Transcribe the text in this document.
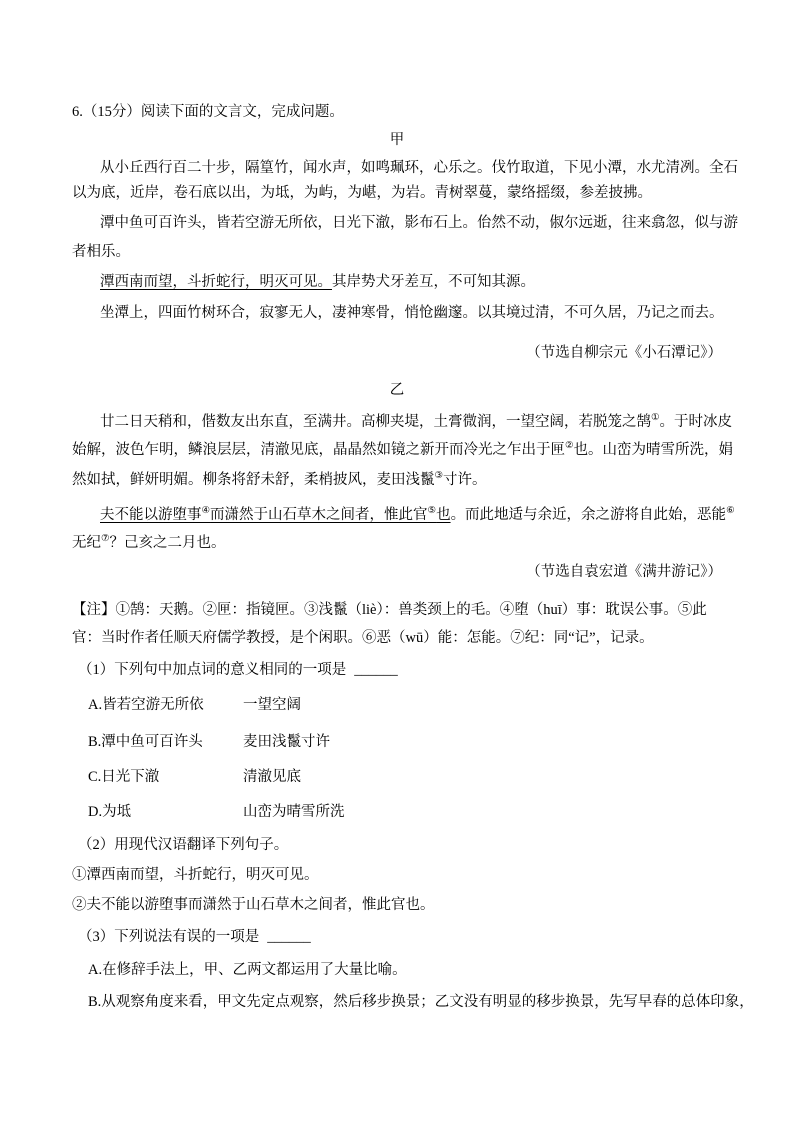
6.（15分）阅读下面的文言文，完成问题。
甲
从小丘西行百二十步，隔篁竹，闻水声，如鸣珮环，心乐之。伐竹取道，下见小潭，水尤清冽。全石
以为底，近岸，卷石底以出，为坻，为屿，为嵁，为岩。青树翠蔓，蒙络摇缀，参差披拂。
潭中鱼可百许头，皆若空游无所依，日光下澈，影布石上。佁然不动，俶尔远逝，往来翕忽，似与游
者相乐。
潭西南而望，斗折蛇行，明灭可见。其岸势犬牙差互，不可知其源。
坐潭上，四面竹树环合，寂寥无人，凄神寒骨，悄怆幽邃。以其境过清，不可久居，乃记之而去。
（节选自柳宗元《小石潭记》）
乙
廿二日天稍和，偕数友出东直，至满井。高柳夹堤，土膏微润，一望空阔，若脱笼之鹄①。于时冰皮
始解，波色乍明，鳞浪层层，清澈见底，晶晶然如镜之新开而冷光之乍出于匣②也。山峦为晴雪所洗，娟
然如拭，鲜妍明媚。柳条将舒未舒，柔梢披风，麦田浅鬣③寸许。
夫不能以游堕事④而潇然于山石草木之间者，惟此官⑤也。而此地适与余近，余之游将自此始，恶能⑥
无纪⑦？己亥之二月也。
（节选自袁宏道《满井游记》）
【注】①鹄：天鹅。②匣：指镜匣。③浅鬣（liè）：兽类颈上的毛。④堕（huī）事：耽误公事。⑤此
官：当时作者任顺天府儒学教授，是个闲职。⑥恶（wū）能：怎能。⑦纪：同“记”，记录。
（1）下列句中加点词的意义相同的一项是 ______
A.皆若空游无所依	一望空阔
B.潭中鱼可百许头	麦田浅鬣寸许
C.日光下澈	清澈见底
D.为坻	山峦为晴雪所洗
（2）用现代汉语翻译下列句子。
①潭西南而望，斗折蛇行，明灭可见。
②夫不能以游堕事而潇然于山石草木之间者，惟此官也。
（3）下列说法有误的一项是 ______
A.在修辞手法上，甲、乙两文都运用了大量比喻。
B.从观察角度来看，甲文先定点观察，然后移步换景；乙文没有明显的移步换景，先写早春的总体印象，
